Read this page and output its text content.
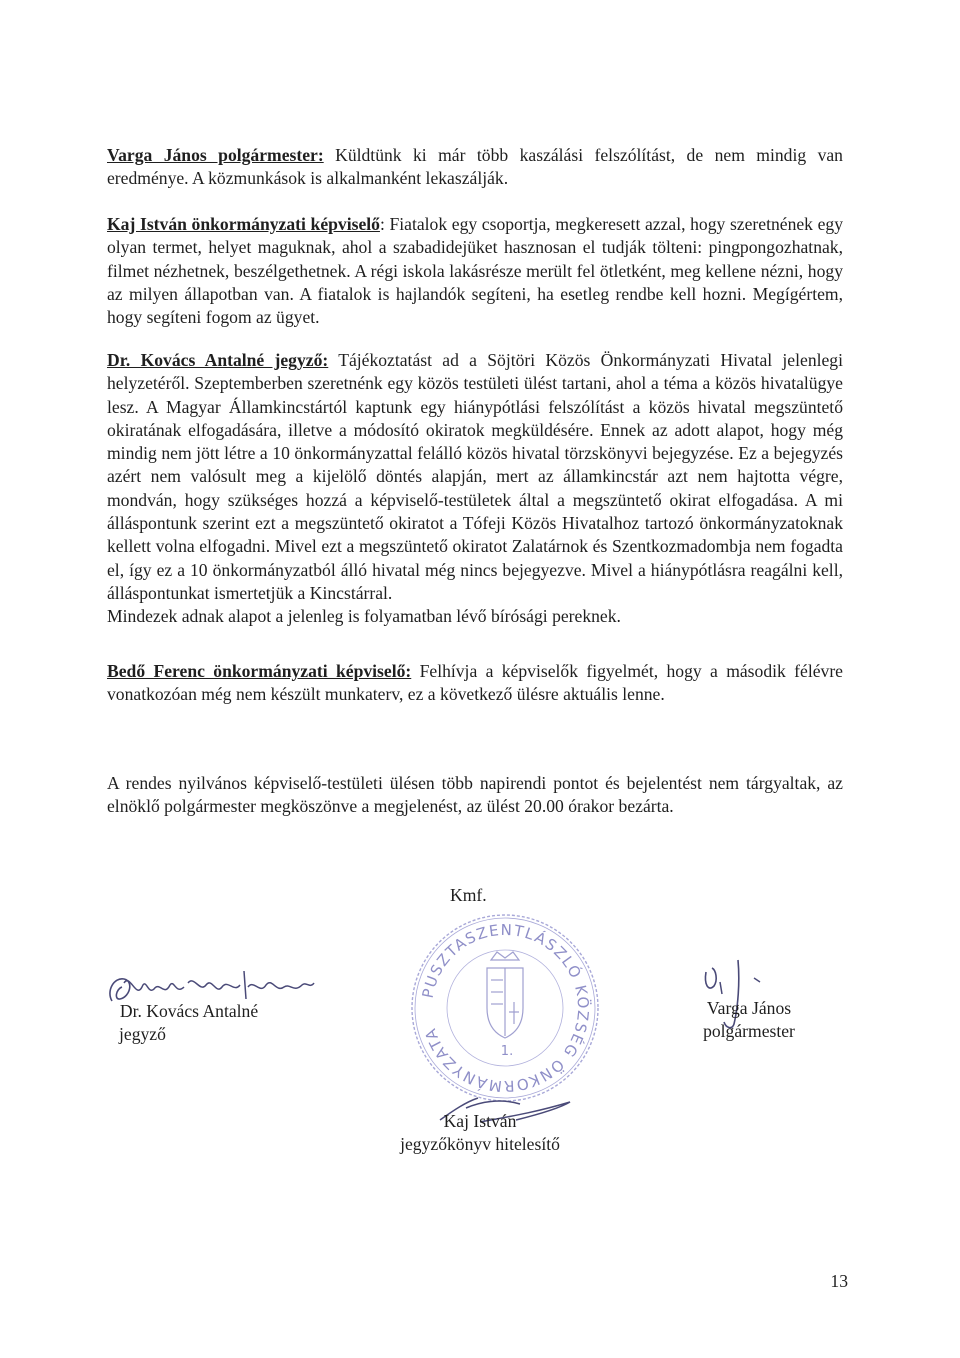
Varga János polgármester: Küldtünk ki már több kaszálási felszólítást, de nem mindig van eredménye. A közmunkások is alkalmanként lekaszálják.

Kaj István önkormányzati képviselő: Fiatalok egy csoportja, megkeresett azzal, hogy szeretnének egy olyan termet, helyet maguknak, ahol a szabadidejüket hasznosan el tudják tölteni: pingpongozhatnak, filmet nézhetnek, beszélgethetnek. A régi iskola lakásrésze merült fel ötletként, meg kellene nézni, hogy az milyen állapotban van. A fiatalok is hajlandók segíteni, ha esetleg rendbe kell hozni. Megígértem, hogy segíteni fogom az ügyet.

Dr. Kovács Antalné jegyző: Tájékoztatást ad a Söjtöri Közös Önkormányzati Hivatal jelenlegi helyzetéről. Szeptemberben szeretnénk egy közös testületi ülést tartani, ahol a téma a közös hivatalügye lesz. A Magyar Államkincstártól kaptunk egy hiánypótlási felszólítást a közös hivatal megszüntető okiratának elfogadására, illetve a módosító okiratok megküldésére. Ennek az adott alapot, hogy még mindig nem jött létre a 10 önkormányzattal felálló közös hivatal törzskönyvi bejegyzése. Ez a bejegyzés azért nem valósult meg a kijelölő döntés alapján, mert az államkincstár azt nem hajtotta végre, mondván, hogy szükséges hozzá a képviselő-testületek által a megszüntető okirat elfogadása. A mi álláspontunk szerint ezt a megszüntető okiratot a Tófeji Közös Hivatalhoz tartozó önkormányzatoknak kellett volna elfogadni. Mivel ezt a megszüntető okiratot Zalatárnok és Szentkozmadombja nem fogadta el, így ez a 10 önkormányzatból álló hivatal még nincs bejegyezve. Mivel a hiánypótlásra reagálni kell, álláspontunkat ismertetjük a Kincstárral.
Mindezek adnak alapot a jelenleg is folyamatban lévő bírósági pereknek.

Bedő Ferenc önkormányzati képviselő: Felhívja a képviselők figyelmét, hogy a második félévre vonatkozóan még nem készült munkaterv, ez a következő ülésre aktuális lenne.

A rendes nyilvános képviselő-testületi ülésen több napirendi pontot és bejelentést nem tárgyaltak, az elnöklő polgármester megköszönve a megjelenést, az ülést 20.00 órakor bezárta.

Kmf.
PUSZTASZENTLÁSZLÓ KÖZSÉG ÖNKORMÁNYZATA
1.
Dr. Kovács Antalné
jegyző
Varga János
polgármester
Kaj István
jegyzőkönyv hitelesítő
13
